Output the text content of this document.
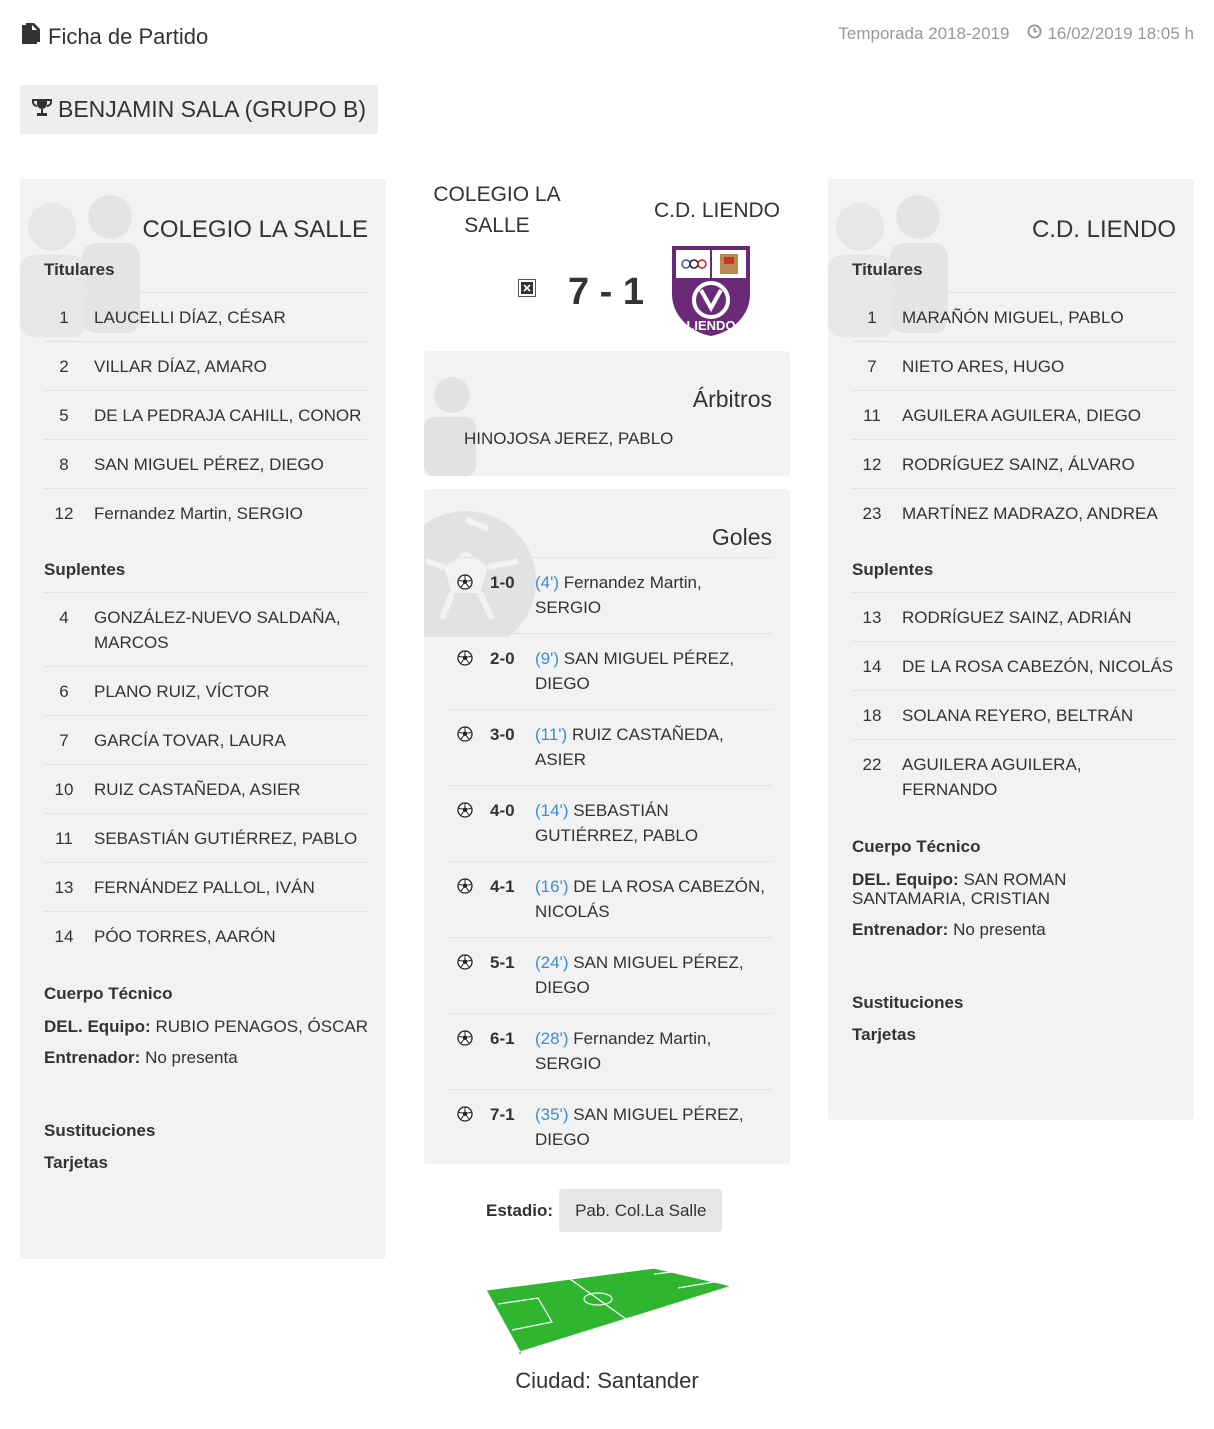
Ficha de Partido	Temporada 2018-2019 16/02/2019 18:05 h
BENJAMIN SALA (GRUPO B)
COLEGIO LA SALLE
Titulares
1	LAUCELLI DÍAZ, CÉSAR
2	VILLAR DÍAZ, AMARO
5	DE LA PEDRAJA CAHILL, CONOR
8	SAN MIGUEL PÉREZ, DIEGO
12	Fernandez Martin, SERGIO
Suplentes
4	GONZÁLEZ-NUEVO SALDAÑA, MARCOS
6	PLANO RUIZ, VÍCTOR
7	GARCÍA TOVAR, LAURA
10	RUIZ CASTAÑEDA, ASIER
11	SEBASTIÁN GUTIÉRREZ, PABLO
13	FERNÁNDEZ PALLOL, IVÁN
14	PÓO TORRES, AARÓN
Cuerpo Técnico
DEL. Equipo: RUBIO PENAGOS, ÓSCAR
Entrenador: No presenta
Sustituciones
Tarjetas
COLEGIO LA SALLE
C.D. LIENDO
7 - 1
LIENDO
Árbitros
HINOJOSA JEREZ, PABLO
Goles
1-0	(4') Fernandez Martin, SERGIO
2-0	(9') SAN MIGUEL PÉREZ, DIEGO
3-0	(11') RUIZ CASTAÑEDA, ASIER
4-0	(14') SEBASTIÁN GUTIÉRREZ, PABLO
4-1	(16') DE LA ROSA CABEZÓN, NICOLÁS
5-1	(24') SAN MIGUEL PÉREZ, DIEGO
6-1	(28') Fernandez Martin, SERGIO
7-1	(35') SAN MIGUEL PÉREZ, DIEGO
C.D. LIENDO
Titulares
1	MARAÑÓN MIGUEL, PABLO
7	NIETO ARES, HUGO
11	AGUILERA AGUILERA, DIEGO
12	RODRÍGUEZ SAINZ, ÁLVARO
23	MARTÍNEZ MADRAZO, ANDREA
Suplentes
13	RODRÍGUEZ SAINZ, ADRIÁN
14	DE LA ROSA CABEZÓN, NICOLÁS
18	SOLANA REYERO, BELTRÁN
22	AGUILERA AGUILERA, FERNANDO
Cuerpo Técnico
DEL. Equipo: SAN ROMAN SANTAMARIA, CRISTIAN
Entrenador: No presenta
Sustituciones
Tarjetas
Estadio:	Pab. Col.La Salle
Ciudad: Santander
